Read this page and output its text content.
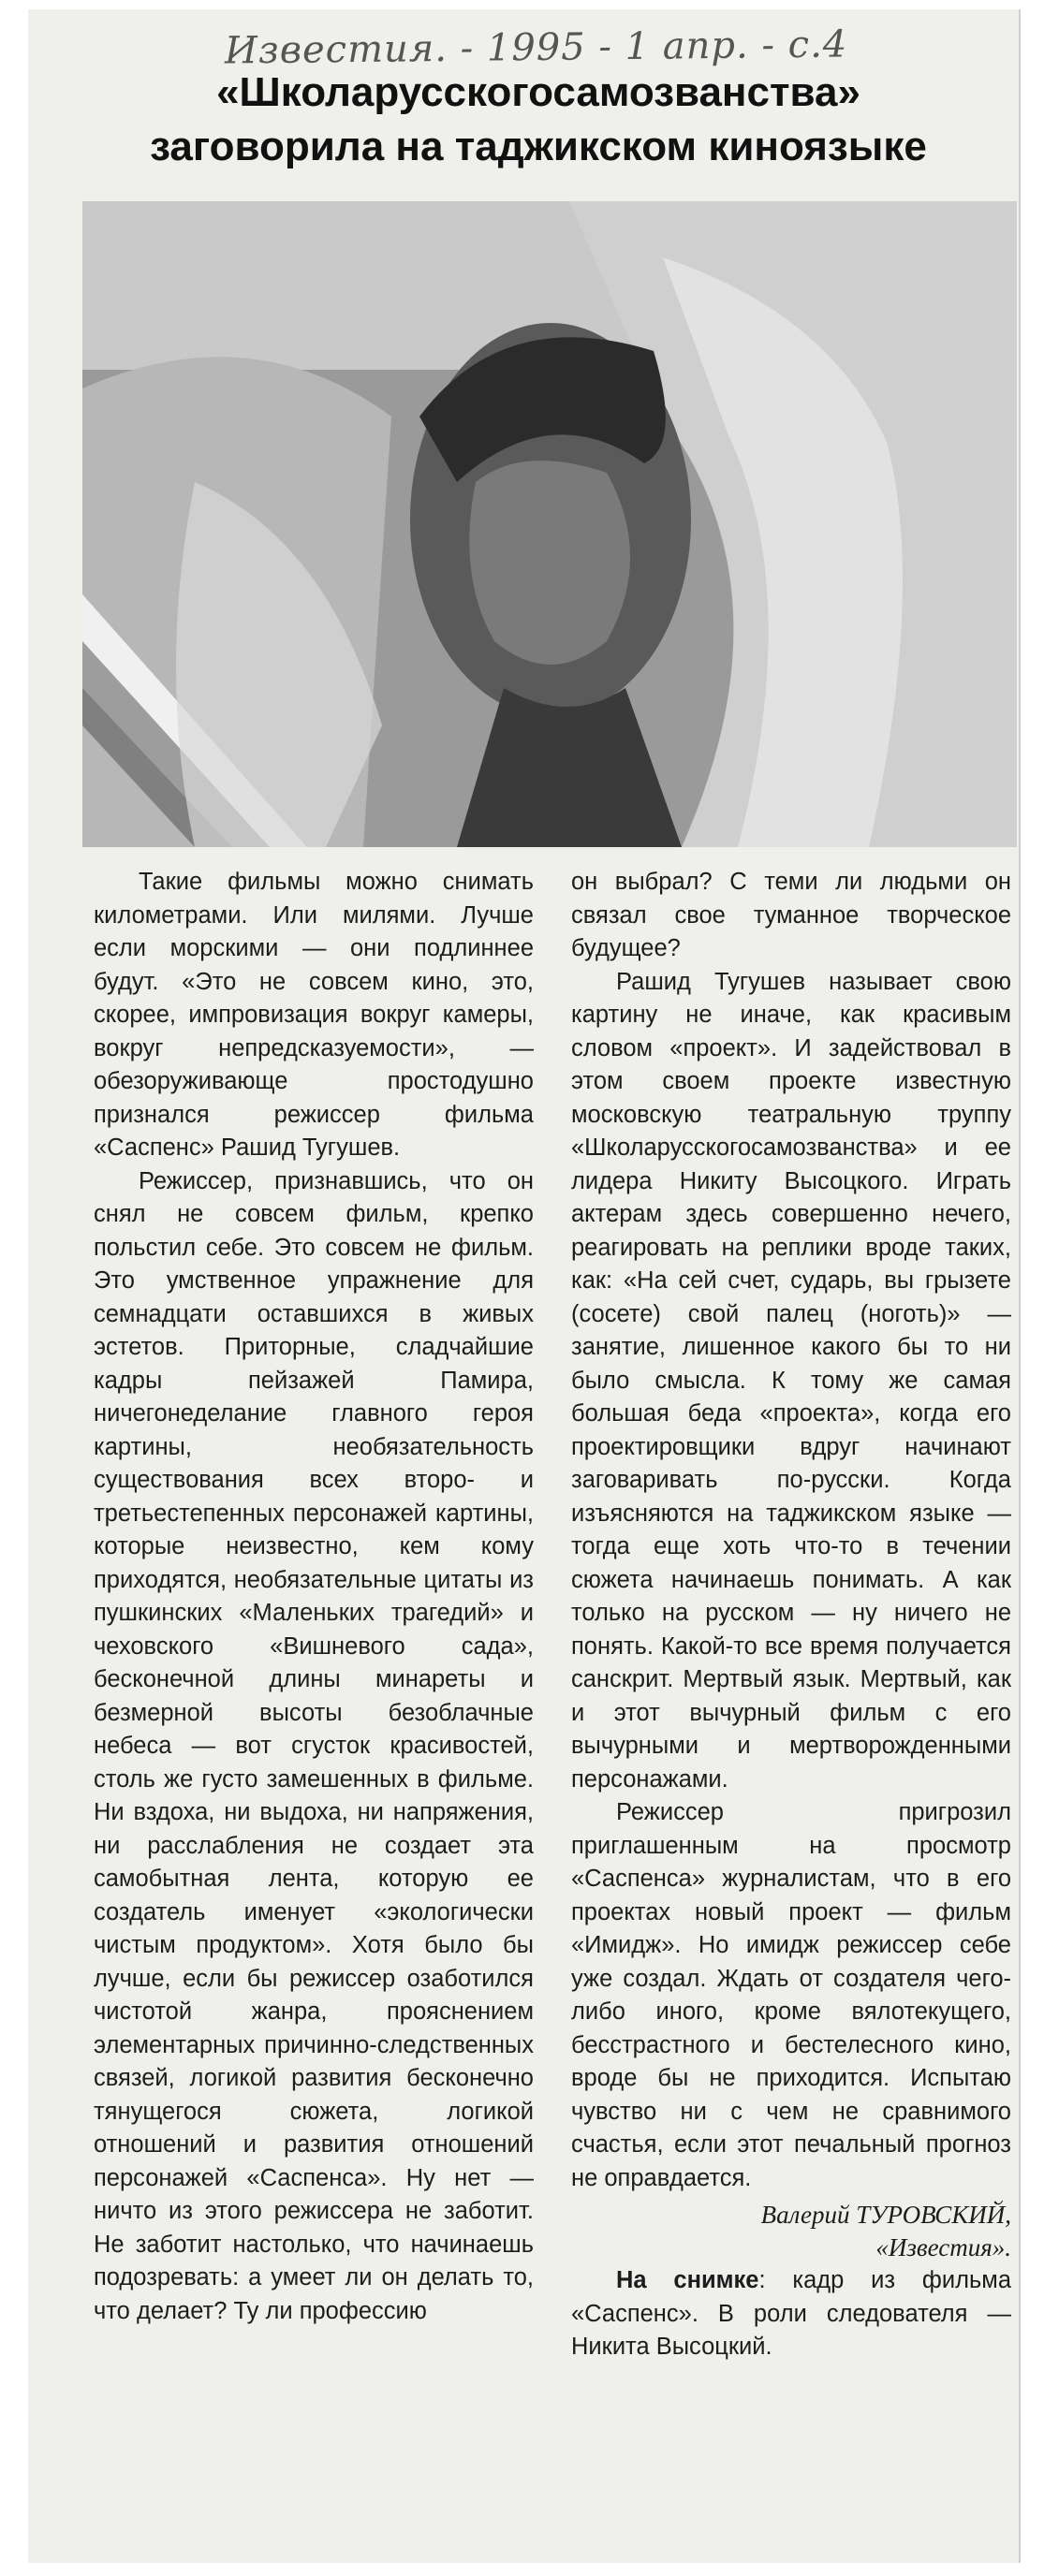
Известия. - 1995 - 1 апр. - с.4
«Школарусскогосамозванства»
заговорила на таджикском киноязыке

Такие фильмы можно снимать километрами. Или милями. Лучше если морскими — они подлиннее будут. «Это не совсем кино, это, скорее, импровизация вокруг камеры, вокруг непредсказуемости», — обезоруживающе простодушно признался режиссер фильма «Саспенс» Рашид Тугушев.

Режиссер, признавшись, что он снял не совсем фильм, крепко польстил себе. Это совсем не фильм. Это умственное упражнение для семнадцати оставшихся в живых эстетов. Приторные, сладчайшие кадры пейзажей Памира, ничегонеделание главного героя картины, необязательность существования всех второ- и третьестепенных персонажей картины, которые неизвестно, кем кому приходятся, необязательные цитаты из пушкинских «Маленьких трагедий» и чеховского «Вишневого сада», бесконечной длины минареты и безмерной высоты безоблачные небеса — вот сгусток красивостей, столь же густо замешенных в фильме. Ни вздоха, ни выдоха, ни напряжения, ни расслабления не создает эта самобытная лента, которую ее создатель именует «экологически чистым продуктом». Хотя было бы лучше, если бы режиссер озаботился чистотой жанра, прояснением элементарных причинно-следственных связей, логикой развития бесконечно тянущегося сюжета, логикой отношений и развития отношений персонажей «Саспенса». Ну нет — ничто из этого режиссера не заботит. Не заботит настолько, что начинаешь подозревать: а умеет ли он делать то, что делает? Ту ли профессию

он выбрал? С теми ли людьми он связал свое туманное творческое будущее?

Рашид Тугушев называет свою картину не иначе, как красивым словом «проект». И задействовал в этом своем проекте известную московскую театральную труппу «Школарусскогосамозванства» и ее лидера Никиту Высоцкого. Играть актерам здесь совершенно нечего, реагировать на реплики вроде таких, как: «На сей счет, сударь, вы грызете (сосете) свой палец (ноготь)» — занятие, лишенное какого бы то ни было смысла. К тому же самая большая беда «проекта», когда его проектировщики вдруг начинают заговаривать по-русски. Когда изъясняются на таджикском языке — тогда еще хоть что-то в течении сюжета начинаешь понимать. А как только на русском — ну ничего не понять. Какой-то все время получается санскрит. Мертвый язык. Мертвый, как и этот вычурный фильм с его вычурными и мертворожденными персонажами.

Режиссер пригрозил приглашенным на просмотр «Саспенса» журналистам, что в его проектах новый проект — фильм «Имидж». Но имидж режиссер себе уже создал. Ждать от создателя чего-либо иного, кроме вялотекущего, бесстрастного и бестелесного кино, вроде бы не приходится. Испытаю чувство ни с чем не сравнимого счастья, если этот печальный прогноз не оправдается.

Валерий ТУРОВСКИЙ,
«Известия».

На снимке: кадр из фильма «Саспенс». В роли следователя — Никита Высоцкий.
